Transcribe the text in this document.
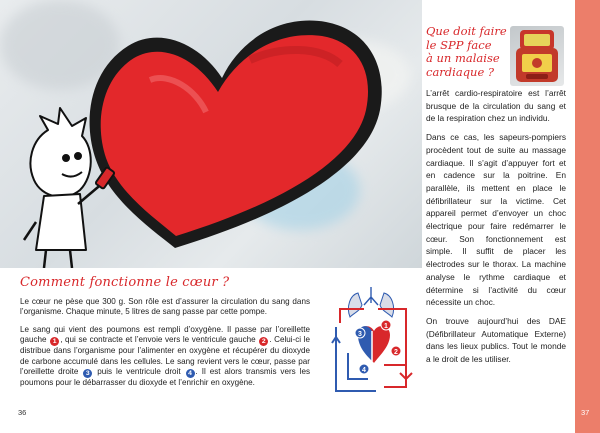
Comment fonctionne le cœur ?

Le cœur ne pèse que 300 g. Son rôle est d’assurer la circulation du sang dans l’organisme. Chaque minute, 5 litres de sang passe par cette pompe.

Le sang qui vient des poumons est rempli d’oxygène. Il passe par l’oreillette gauche 1 , qui se contracte et l’envoie vers le ventricule gauche 2 . Celui-ci le distribue dans l’organisme pour l’alimenter en oxygène et récupérer du dioxyde de carbone accumulé dans les cellules. Le sang revient vers le cœur, passe par l’oreillette droite 3 puis le ventricule droit 4 . Il est alors transmis vers les poumons pour le débarrasser du dioxyde et l’enrichir en oxygène.

1
2
3
4
36
Que doit faire
le SPP face
à un malaise
cardiaque ?

L’arrêt cardio-respiratoire est l’arrêt brusque de la circulation du sang et de la respiration chez un individu.

Dans ce cas, les sapeurs-pompiers procèdent tout de suite au massage cardiaque. Il s’agit d’appuyer fort et en cadence sur la poitrine. En parallèle, ils mettent en place le défibrillateur sur la victime. Cet appareil permet d’envoyer un choc électrique pour faire redémarrer le cœur. Son fonctionnement est simple. Il suffit de placer les électrodes sur le thorax. La machine analyse le rythme cardiaque et détermine si l’activité du cœur nécessite un choc.

On trouve aujourd’hui des DAE (Défibrillateur Automatique Externe) dans les lieux publics. Tout le monde a le droit de les utiliser.

37
